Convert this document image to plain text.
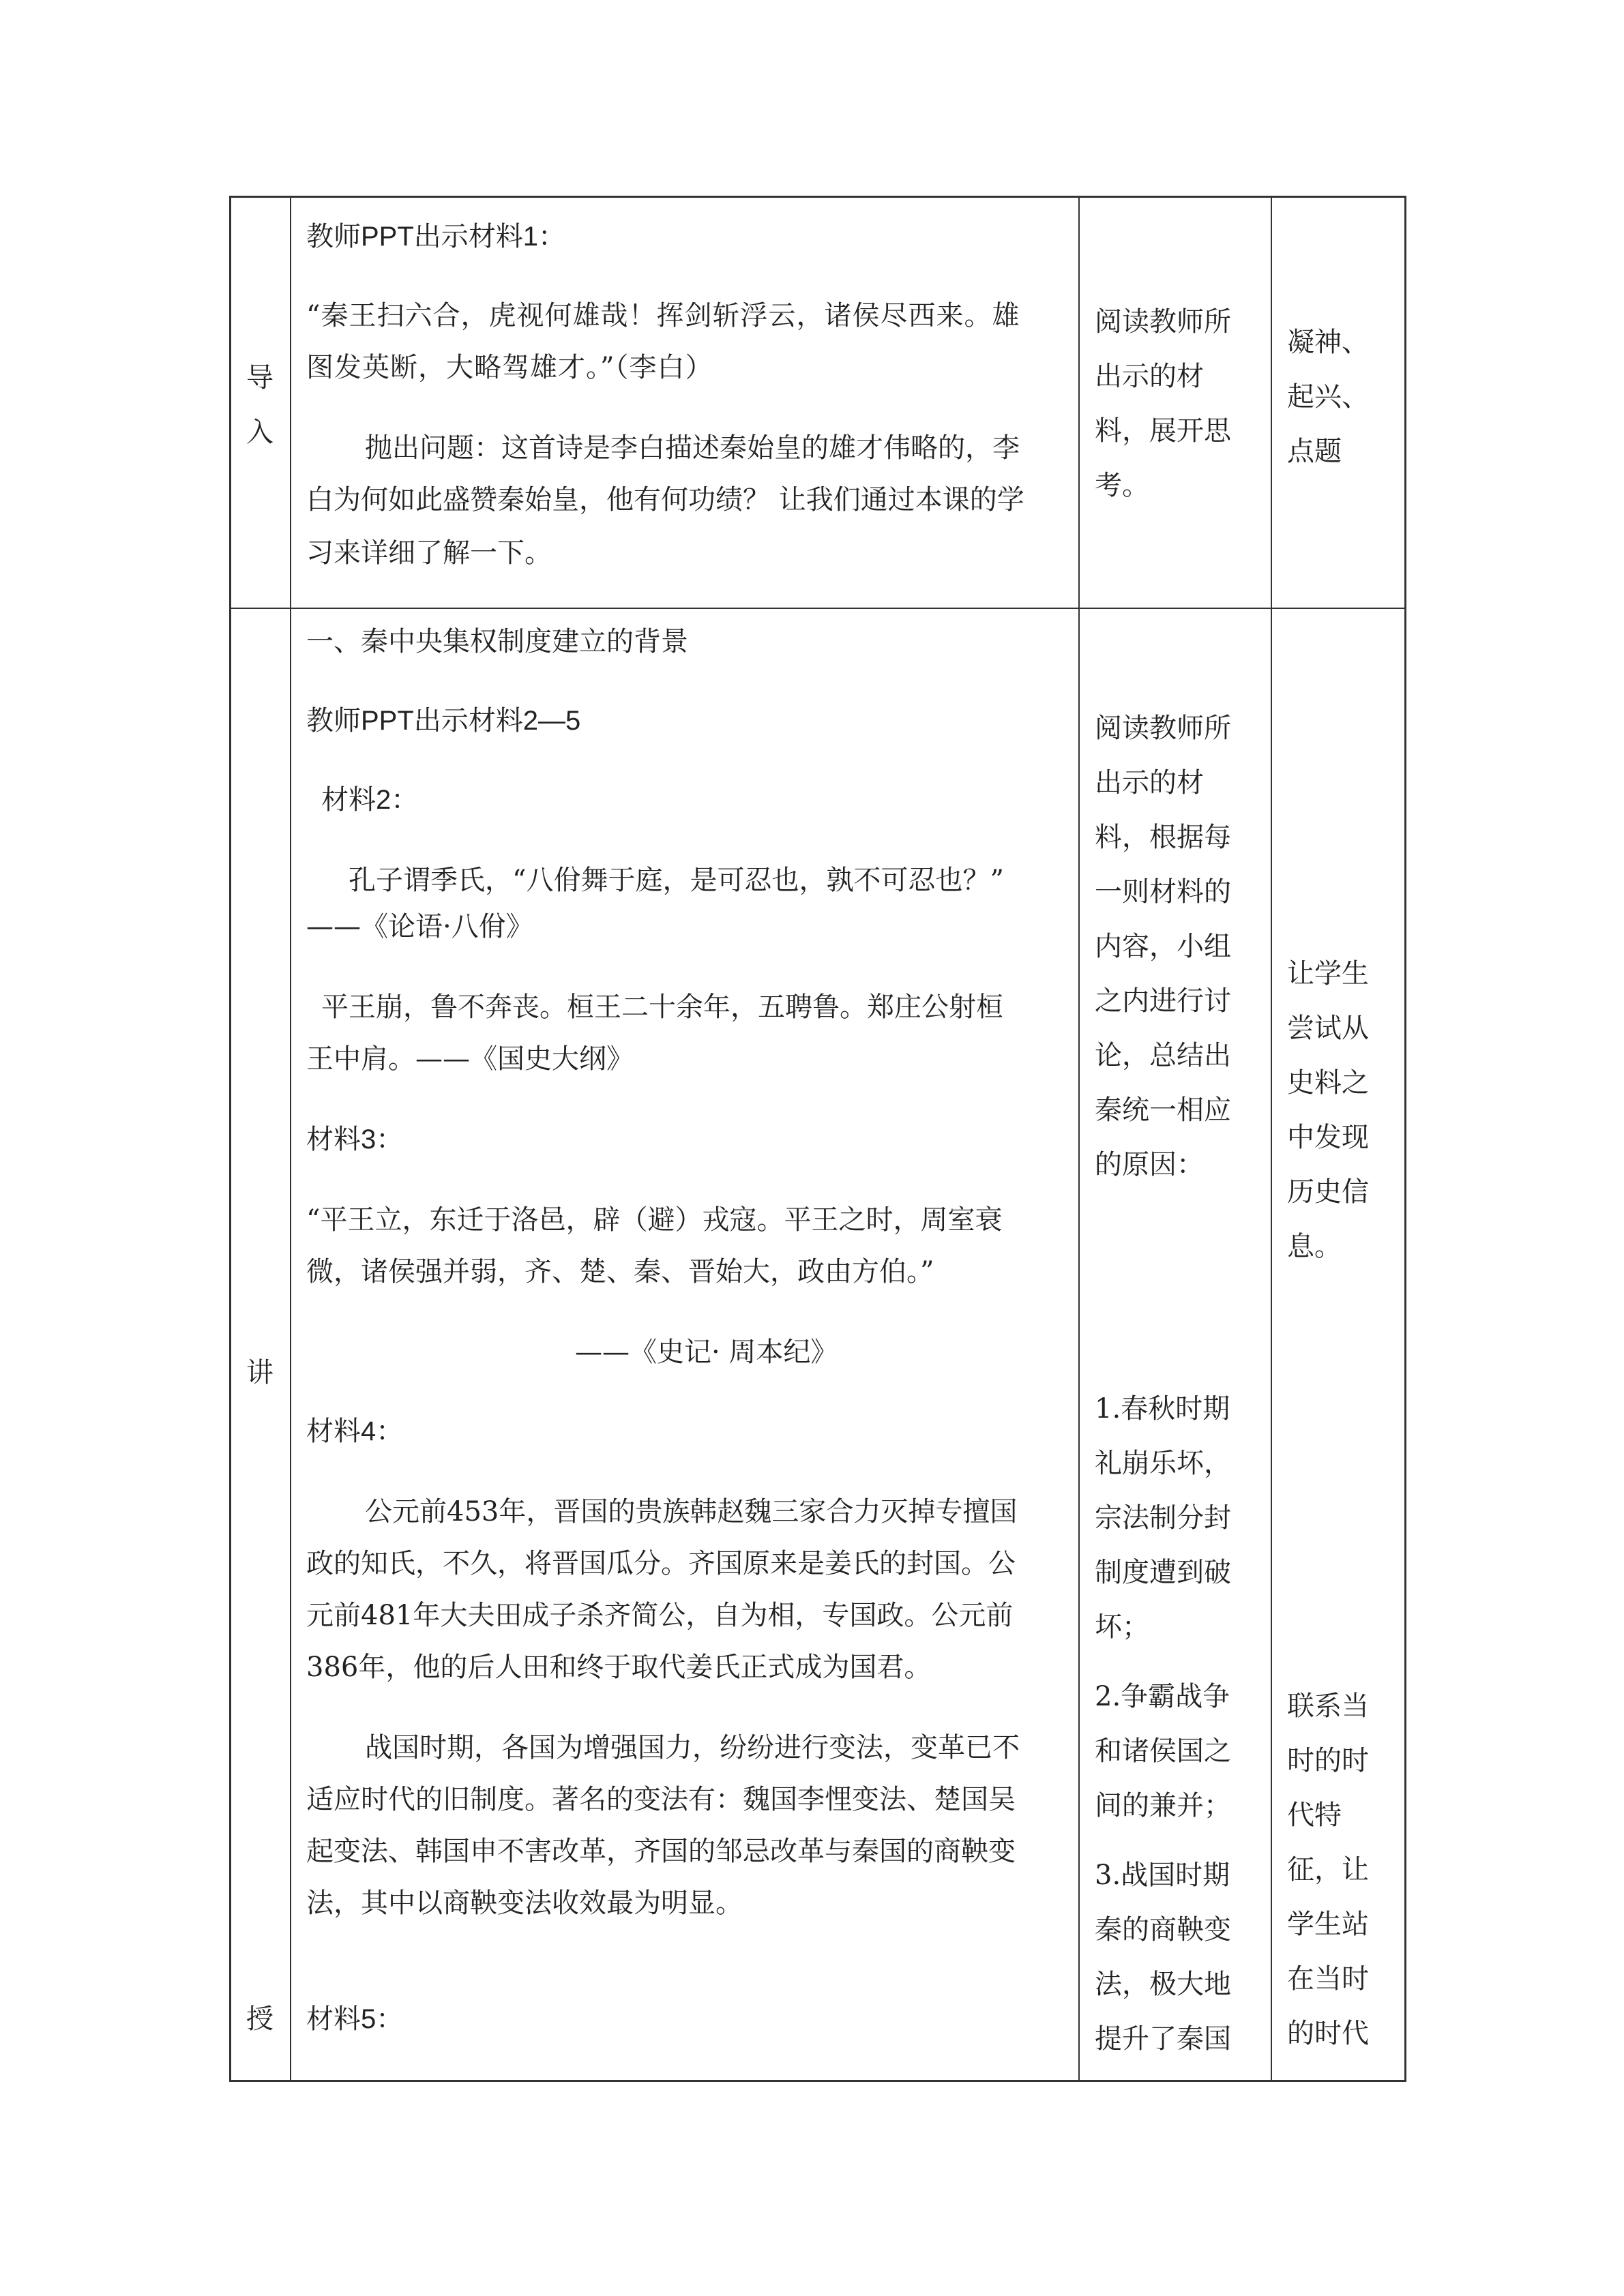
导
入
教师PPT出示材料1：
“秦王扫六合，虎视何雄哉！挥剑斩浮云，诸侯尽西来。雄
图发英断，大略驾雄才。”（李白）
抛出问题：这首诗是李白描述秦始皇的雄才伟略的，李
白为何如此盛赞秦始皇，他有何功绩？ 让我们通过本课的学
习来详细了解一下。
阅读教师所
出示的材
料，展开思
考。
凝神、
起兴、
点题
讲
授
一、秦中央集权制度建立的背景
教师PPT出示材料2—5
材料2：
孔子谓季氏，“八佾舞于庭，是可忍也，孰不可忍也？”
——《论语·八佾》
平王崩，鲁不奔丧。桓王二十余年，五聘鲁。郑庄公射桓
王中肩。——《国史大纲》
材料3：
“平王立，东迁于洛邑，辟（避）戎寇。平王之时，周室衰
微，诸侯强并弱，齐、楚、秦、晋始大，政由方伯。”
——《史记· 周本纪》
材料4：
公元前453年，晋国的贵族韩赵魏三家合力灭掉专擅国
政的知氏，不久，将晋国瓜分。齐国原来是姜氏的封国。公
元前481年大夫田成子杀齐简公，自为相，专国政。公元前
386年，他的后人田和终于取代姜氏正式成为国君。
战国时期，各国为增强国力，纷纷进行变法，变革已不
适应时代的旧制度。著名的变法有：魏国李悝变法、楚国吴
起变法、韩国申不害改革，齐国的邹忌改革与秦国的商鞅变
法，其中以商鞅变法收效最为明显。
材料5：
阅读教师所
出示的材
料，根据每
一则材料的
内容，小组
之内进行讨
论，总结出
秦统一相应
的原因：
1.春秋时期
礼崩乐坏，
宗法制分封
制度遭到破
坏；
2.争霸战争
和诸侯国之
间的兼并；
3.战国时期
秦的商鞅变
法，极大地
提升了秦国
让学生
尝试从
史料之
中发现
历史信
息。
联系当
时的时
代特
征，让
学生站
在当时
的时代
